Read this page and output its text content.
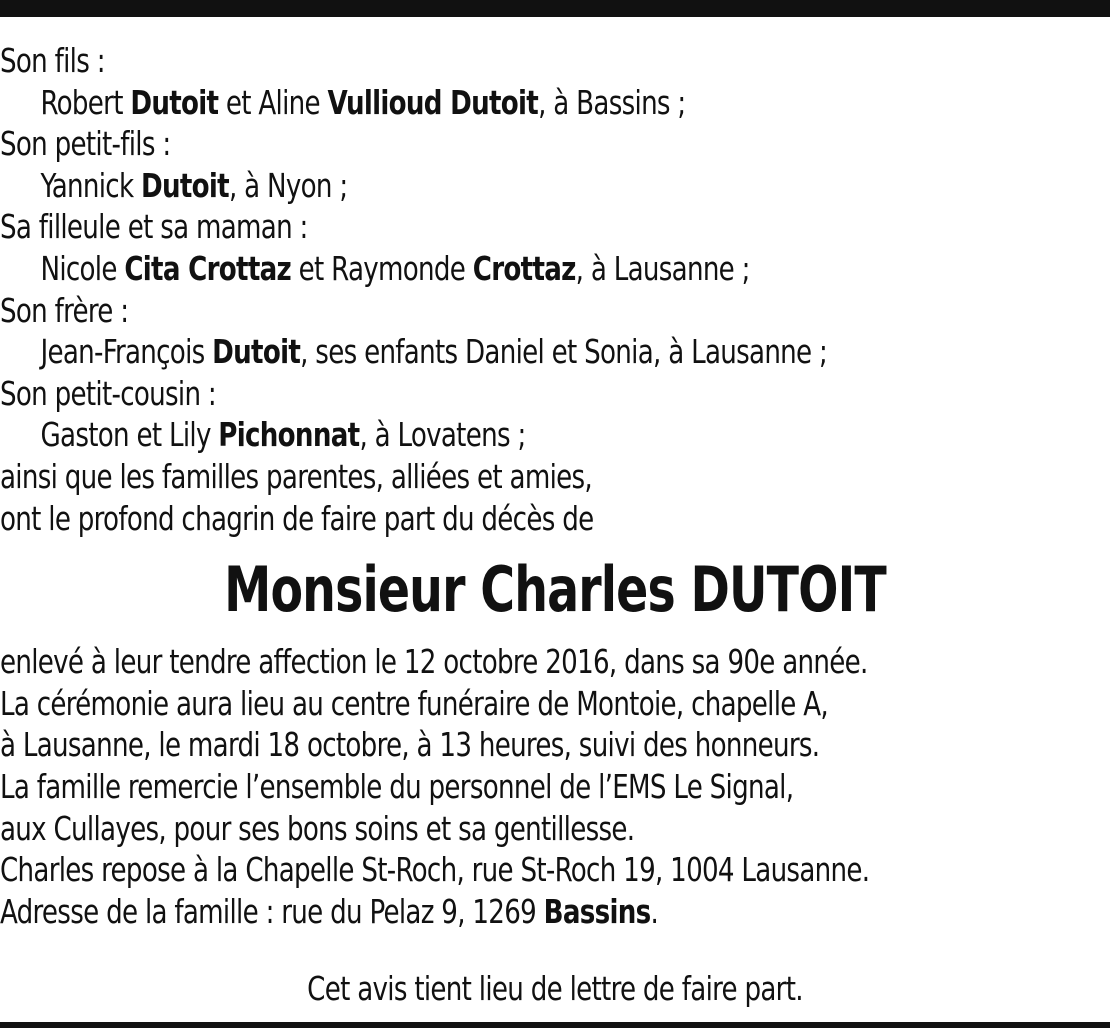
Son fils :
Robert Dutoit et Aline Vullioud Dutoit, à Bassins ;
Son petit-fils :
Yannick Dutoit, à Nyon ;
Sa filleule et sa maman :
Nicole Cita Crottaz et Raymonde Crottaz, à Lausanne ;
Son frère :
Jean-François Dutoit, ses enfants Daniel et Sonia, à Lausanne ;
Son petit-cousin :
Gaston et Lily Pichonnat, à Lovatens ;
ainsi que les familles parentes, alliées et amies,
ont le profond chagrin de faire part du décès de
Monsieur Charles DUTOIT
enlevé à leur tendre affection le 12 octobre 2016, dans sa 90e année.
La cérémonie aura lieu au centre funéraire de Montoie, chapelle A,
à Lausanne, le mardi 18 octobre, à 13 heures, suivi des honneurs.
La famille remercie l’ensemble du personnel de l’EMS Le Signal,
aux Cullayes, pour ses bons soins et sa gentillesse.
Charles repose à la Chapelle St-Roch, rue St-Roch 19, 1004 Lausanne.
Adresse de la famille : rue du Pelaz 9, 1269 Bassins.
Cet avis tient lieu de lettre de faire part.
